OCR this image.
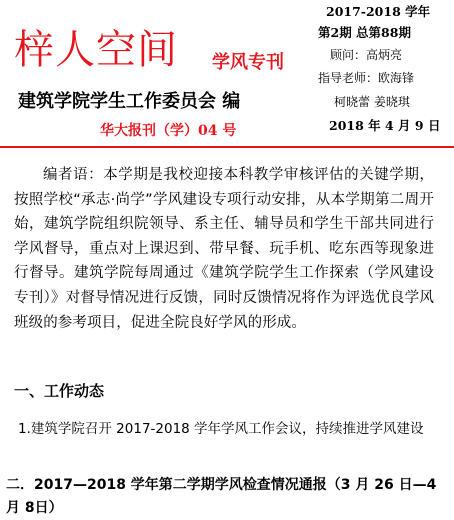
梓人空间 学风专刊
建筑学院学生工作委员会 编
华大报刊（学）04 号
2017-2018 学年
第2期 总第88期
顾问：高炳亮
指导老师：欧海锋
柯晓蕾 姜晓琪
2018 年 4 月 9 日
编者语：本学期是我校迎接本科教学审核评估的关键学期，按照学校“承志·尚学”学风建设专项行动安排，从本学期第二周开始，建筑学院组织院领导、系主任、辅导员和学生干部共同进行学风督导，重点对上课迟到、带早餐、玩手机、吃东西等现象进行督导。建筑学院每周通过《建筑学院学生工作探索（学风建设专刊）》对督导情况进行反馈，同时反馈情况将作为评选优良学风班级的参考项目，促进全院良好学风的形成。
一、工作动态
1.建筑学院召开 2017-2018 学年学风工作会议，持续推进学风建设
二．2017—2018 学年第二学期学风检查情况通报（3 月 26 日—4 月 8日）
